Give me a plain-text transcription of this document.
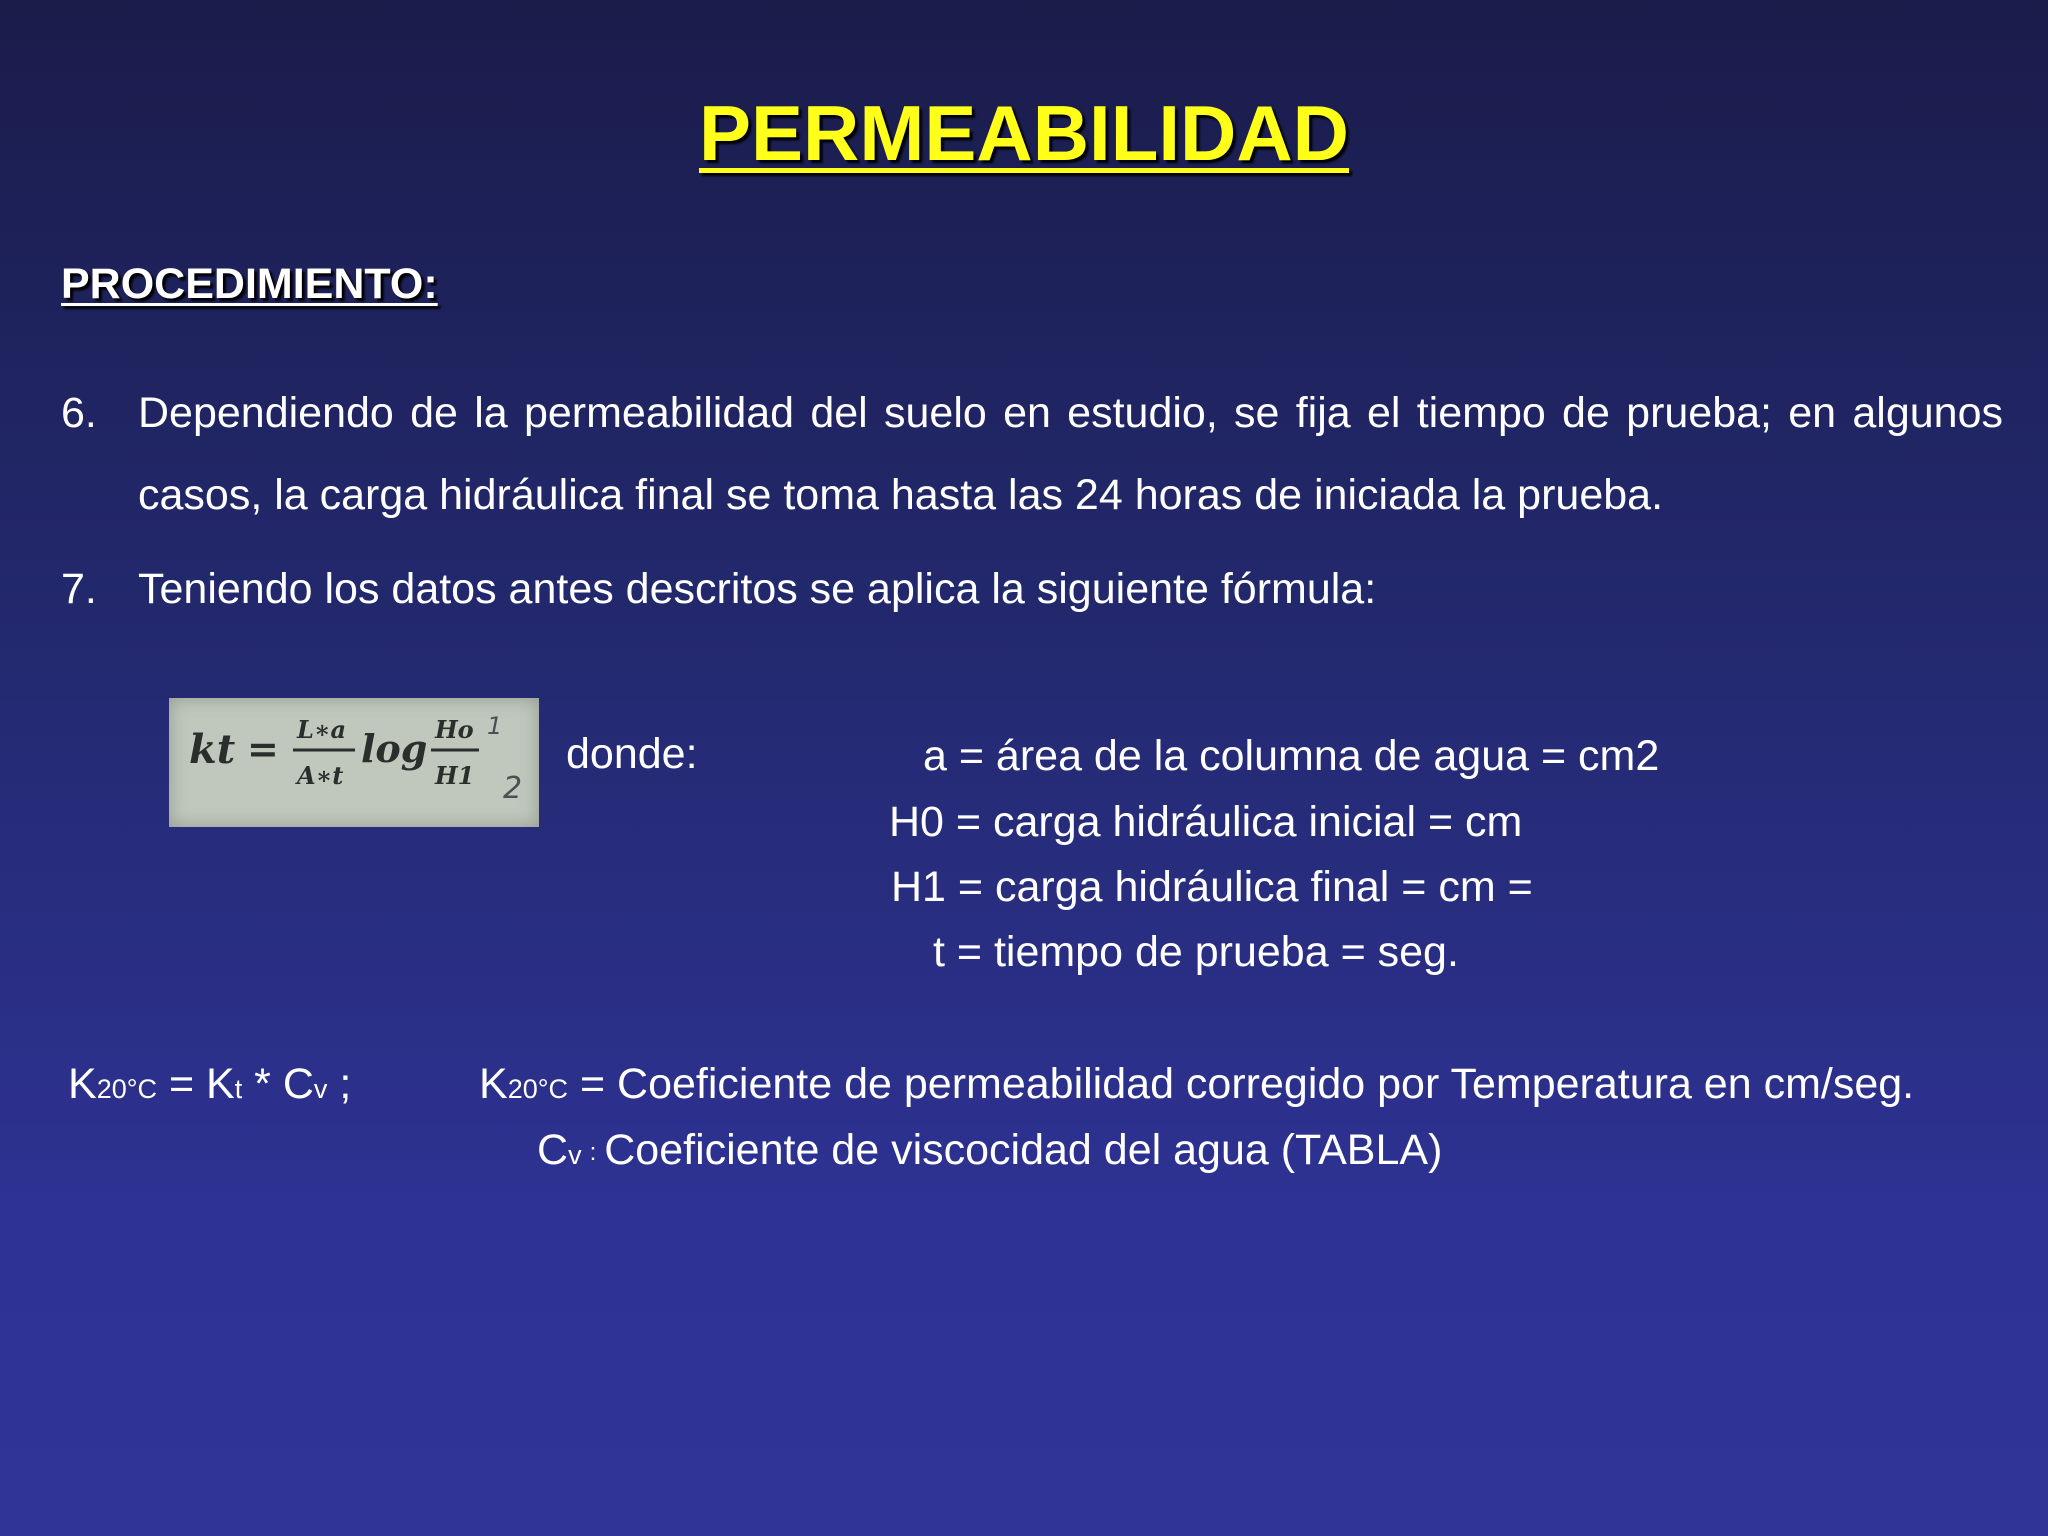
PERMEABILIDAD
PROCEDIMIENTO:
6. Dependiendo de la permeabilidad del suelo en estudio, se fija el tiempo de prueba; en algunos casos, la carga hidráulica final se toma hasta las 24 horas de iniciada la prueba.
7. Teniendo los datos antes descritos se aplica la siguiente fórmula:
kt = L∗a
A∗t
log Ho
H1
1
2
donde:	a = área de la columna de agua = cm2
H0 = carga hidráulica inicial = cm
H1 = carga hidráulica final = cm =
t = tiempo de prueba = seg.
K20°C = Kt * Cv ;	K20°C = Coeficiente de permeabilidad corregido por Temperatura en cm/seg.
Cv : Coeficiente de viscocidad del agua (TABLA)
